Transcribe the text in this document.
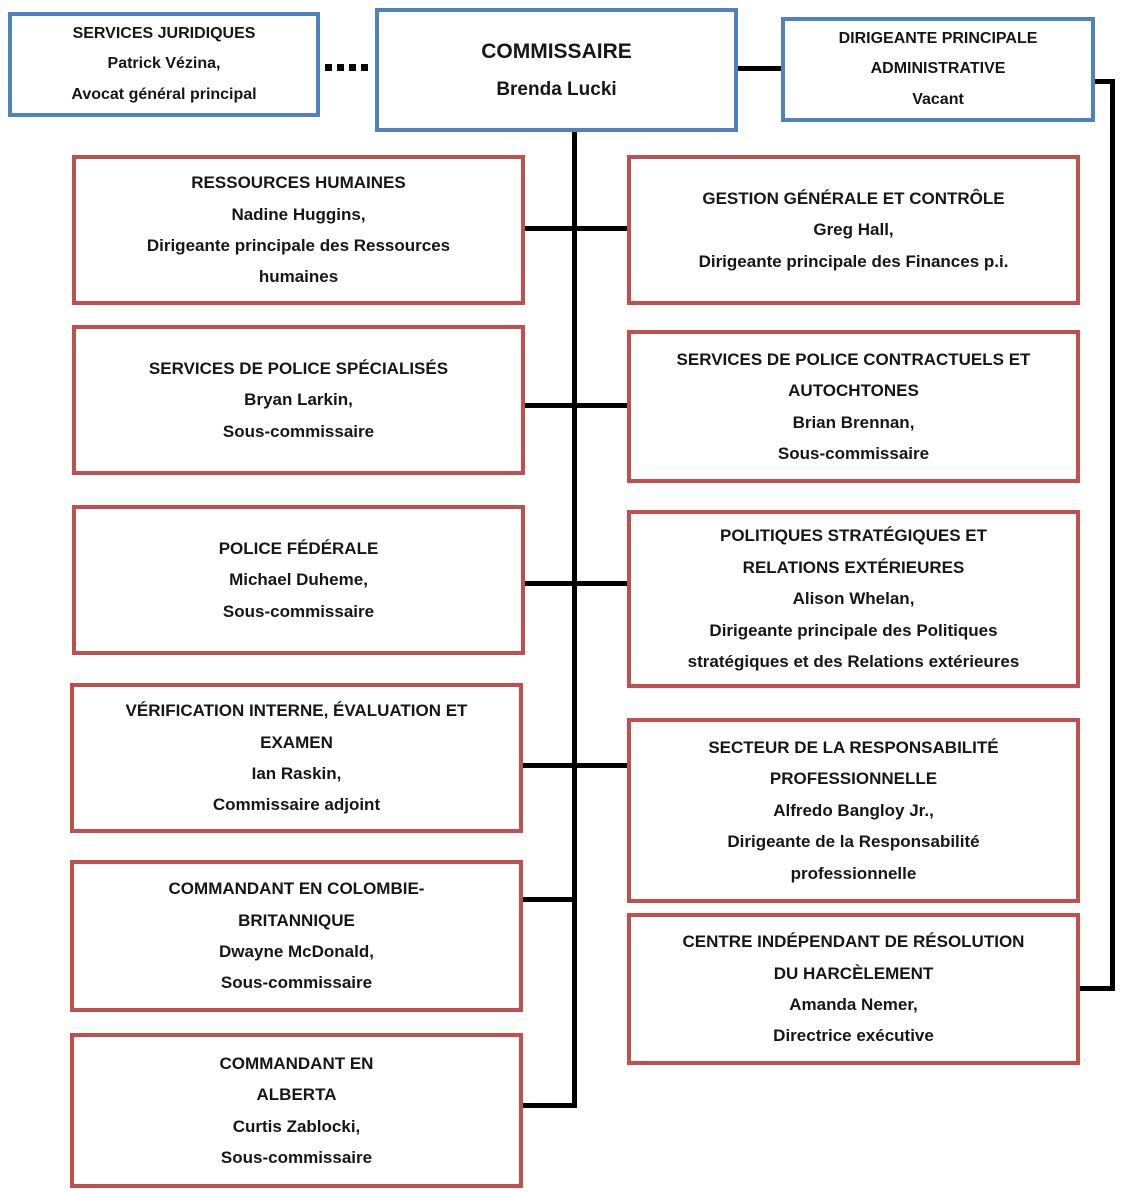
SERVICES JURIDIQUES
Patrick Vézina,
Avocat général principal
COMMISSAIRE
Brenda Lucki
DIRIGEANTE PRINCIPALE
ADMINISTRATIVE
Vacant
RESSOURCES HUMAINES
Nadine Huggins,
Dirigeante principale des Ressources
humaines
SERVICES DE POLICE SPÉCIALISÉS
Bryan Larkin,
Sous-commissaire
POLICE FÉDÉRALE
Michael Duheme,
Sous-commissaire
VÉRIFICATION INTERNE, ÉVALUATION ET
EXAMEN
Ian Raskin,
Commissaire adjoint
COMMANDANT EN COLOMBIE-
BRITANNIQUE
Dwayne McDonald,
Sous-commissaire
COMMANDANT EN
ALBERTA
Curtis Zablocki,
Sous-commissaire
GESTION GÉNÉRALE ET CONTRÔLE
Greg Hall,
Dirigeante principale des Finances p.i.
SERVICES DE POLICE CONTRACTUELS ET
AUTOCHTONES
Brian Brennan,
Sous-commissaire
POLITIQUES STRATÉGIQUES ET
RELATIONS EXTÉRIEURES
Alison Whelan,
Dirigeante principale des Politiques
stratégiques et des Relations extérieures
SECTEUR DE LA RESPONSABILITÉ
PROFESSIONNELLE
Alfredo Bangloy Jr.,
Dirigeante de la Responsabilité
professionnelle
CENTRE INDÉPENDANT DE RÉSOLUTION
DU HARCÈLEMENT
Amanda Nemer,
Directrice exécutive
